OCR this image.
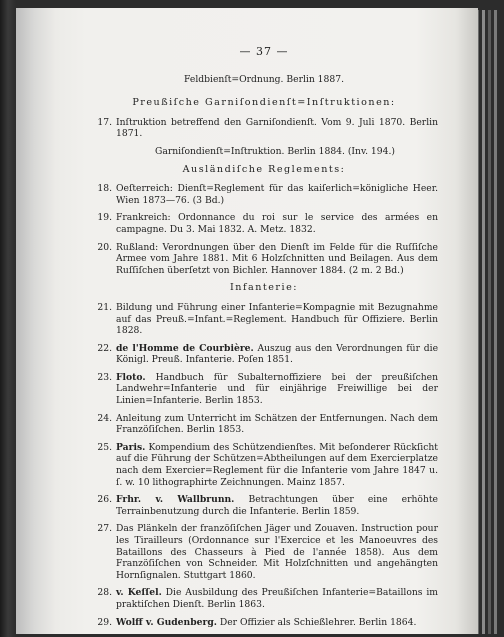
— 37 —
Feldbienſt=Ordnung. Berlin 1887.
Preußiſche Garniſondienſt=Inſtruktionen:
17. Inſtruktion betreffend den Garniſondienſt. Vom 9. Juli 1870. Berlin 1871.
Garniſondienſt=Inſtruktion. Berlin 1884. (Inv. 194.)
Ausländiſche Reglements:
18. Oeſterreich: Dienſt=Reglement für das kaiſerlich=königliche Heer. Wien 1873—76. (3 Bd.)
19. Frankreich: Ordonnance du roi sur le service des armées en campagne. Du 3. Mai 1832. A. Metz. 1832.
20. Rußland: Verordnungen über den Dienſt im Felde für die Ruſſiſche Armee vom Jahre 1881. Mit 6 Holzſchnitten und Beilagen. Aus dem Ruſſiſchen überſetzt von Bichler. Hannover 1884. (2 m. 2 Bd.)
Infanterie:
21. Bildung und Führung einer Infanterie=Kompagnie mit Bezugnahme auf das Preuß.=Infant.=Reglement. Handbuch für Offiziere. Berlin 1828.
22. de l'Homme de Courbière. Auszug aus den Verordnungen für die Königl. Preuß. Infanterie. Poſen 1851.
23. Floto. Handbuch für Subalternoffiziere bei der preußiſchen Landwehr=Infanterie und für einjährige Freiwillige bei der Linien=Infanterie. Berlin 1853.
24. Anleitung zum Unterricht im Schätzen der Entfernungen. Nach dem Franzöſiſchen. Berlin 1853.
25. Paris. Kompendium des Schützendienſtes. Mit beſonderer Rückſicht auf die Führung der Schützen=Abtheilungen auf dem Exercierplatze nach dem Exercier=Reglement für die Infanterie vom Jahre 1847 u. ſ. w. 10 lithographirte Zeichnungen. Mainz 1857.
26. Frhr. v. Wallbrunn. Betrachtungen über eine erhöhte Terrainbenutzung durch die Infanterie. Berlin 1859.
27. Das Plänkeln der franzöſiſchen Jäger und Zouaven. Instruction pour les Tirailleurs (Ordonnance sur l'Exercice et les Manoeuvres des Bataillons des Chasseurs à Pied de l'année 1858). Aus dem Franzöſiſchen von Schneider. Mit Holzſchnitten und angehängten Hornſignalen. Stuttgart 1860.
28. v. Keſſel. Die Ausbildung des Preußiſchen Infanterie=Bataillons im praktiſchen Dienſt. Berlin 1863.
29. Wolff v. Gudenberg. Der Offizier als Schießlehrer. Berlin 1864.
